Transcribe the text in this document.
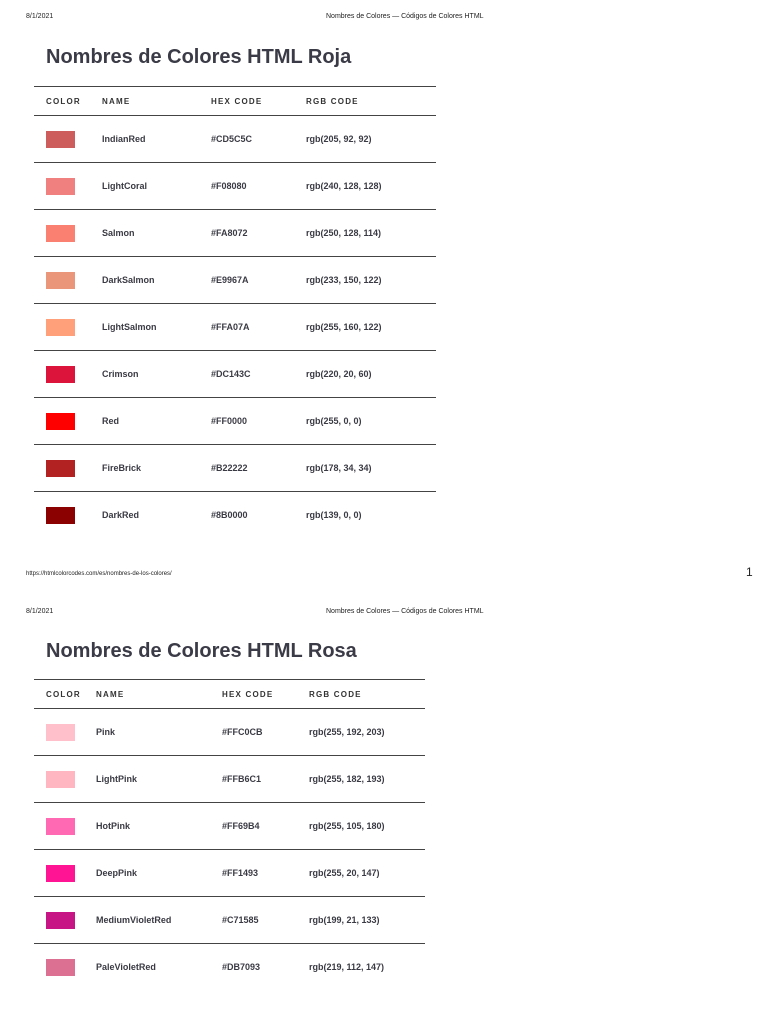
8/1/2021	Nombres de Colores — Códigos de Colores HTML
Nombres de Colores HTML Roja
COLOR	NAME	HEX CODE	RGB CODE
	IndianRed	#CD5C5C	rgb(205, 92, 92)
	LightCoral	#F08080	rgb(240, 128, 128)
	Salmon	#FA8072	rgb(250, 128, 114)
	DarkSalmon	#E9967A	rgb(233, 150, 122)
	LightSalmon	#FFA07A	rgb(255, 160, 122)
	Crimson	#DC143C	rgb(220, 20, 60)
	Red	#FF0000	rgb(255, 0, 0)
	FireBrick	#B22222	rgb(178, 34, 34)
	DarkRed	#8B0000	rgb(139, 0, 0)
https://htmlcolorcodes.com/es/nombres-de-los-colores/	1
8/1/2021	Nombres de Colores — Códigos de Colores HTML
Nombres de Colores HTML Rosa
COLOR	NAME	HEX CODE	RGB CODE
	Pink	#FFC0CB	rgb(255, 192, 203)
	LightPink	#FFB6C1	rgb(255, 182, 193)
	HotPink	#FF69B4	rgb(255, 105, 180)
	DeepPink	#FF1493	rgb(255, 20, 147)
	MediumVioletRed	#C71585	rgb(199, 21, 133)
	PaleVioletRed	#DB7093	rgb(219, 112, 147)
